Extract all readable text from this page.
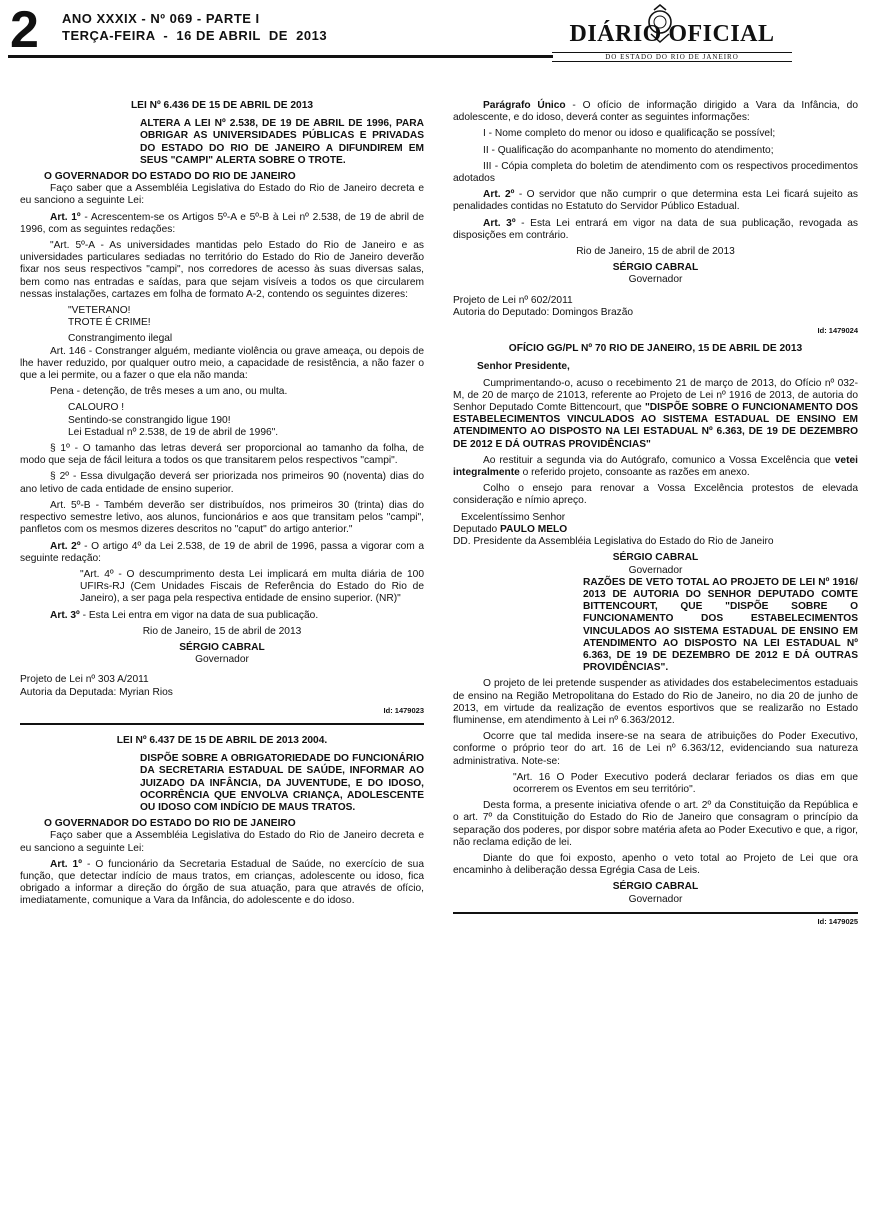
2 ANO XXXIX - Nº 069 - PARTE I
TERÇA-FEIRA  -  16 DE ABRIL  DE  2013	DIÁRIO OFICIAL
DO ESTADO DO RIO DE JANEIRO

LEI Nº 6.436 DE 15 DE ABRIL DE 2013

ALTERA A LEI Nº 2.538, DE 19 DE ABRIL DE 1996, PARA OBRIGAR AS UNIVERSIDADES PÚBLICAS E PRIVADAS DO ESTADO DO RIO DE JANEIRO A DIFUNDIREM EM SEUS "CAMPI" ALERTA SOBRE O TROTE.

O GOVERNADOR DO ESTADO DO RIO DE JANEIRO

Faço saber que a Assembléia Legislativa do Estado do Rio de Janeiro decreta e eu sanciono a seguinte Lei:

Art. 1º - Acrescentem-se os Artigos 5º-A e 5º-B à Lei nº 2.538, de 19 de abril de 1996, com as seguintes redações:

"Art. 5º-A - As universidades mantidas pelo Estado do Rio de Janeiro e as universidades particulares sediadas no território do Estado do Rio de Janeiro deverão fixar nos seus respectivos "campi", nos corredores de acesso às suas diversas salas, bem como nas entradas e saídas, para que sejam visíveis a todos os que circularem nessas instalações, cartazes em folha de formato A-2, contendo os seguintes dizeres:

"VETERANO!

TROTE É CRIME!

Constrangimento ilegal

Art. 146 - Constranger alguém, mediante violência ou grave ameaça, ou depois de lhe haver reduzido, por qualquer outro meio, a capacidade de resistência, a não fazer o que a lei permite, ou a fazer o que ela não manda:

Pena - detenção, de três meses a um ano, ou multa.

CALOURO !

Sentindo-se constrangido ligue 190!

Lei Estadual nº 2.538, de 19 de abril de 1996".

§ 1º - O tamanho das letras deverá ser proporcional ao tamanho da folha, de modo que seja de fácil leitura a todos os que transitarem pelos respectivos "campi".

§ 2º - Essa divulgação deverá ser priorizada nos primeiros 90 (noventa) dias do ano letivo de cada entidade de ensino superior.

Art. 5º-B - Também deverão ser distribuídos, nos primeiros 30 (trinta) dias do respectivo semestre letivo, aos alunos, funcionários e aos que transitam pelos "campi", panfletos com os mesmos dizeres descritos no "caput" do artigo anterior."

Art. 2º - O artigo 4º da Lei 2.538, de 19 de abril de 1996, passa a vigorar com a seguinte redação:

"Art. 4º - O descumprimento desta Lei implicará em multa diária de 100 UFIRs-RJ (Cem Unidades Fiscais de Referência do Estado do Rio de Janeiro), a ser paga pela respectiva entidade de ensino superior. (NR)"

Art. 3º - Esta Lei entra em vigor na data de sua publicação.

Rio de Janeiro, 15 de abril de 2013

SÉRGIO CABRAL
Governador

Projeto de Lei nº 303 A/2011

Autoria da Deputada: Myrian Rios

Id: 1479023

LEI Nº 6.437 DE 15 DE ABRIL DE 2013 2004.

DISPÕE SOBRE A OBRIGATORIEDADE DO FUNCIONÁRIO DA SECRETARIA ESTADUAL DE SAÚDE, INFORMAR AO JUIZADO DA INFÂNCIA, DA JUVENTUDE, E DO IDOSO, OCORRÊNCIA QUE ENVOLVA CRIANÇA, ADOLESCENTE OU IDOSO COM INDÍCIO DE MAUS TRATOS.

O GOVERNADOR DO ESTADO DO RIO DE JANEIRO

Faço saber que a Assembléia Legislativa do Estado do Rio de Janeiro decreta e eu sanciono a seguinte Lei:

Art. 1º - O funcionário da Secretaria Estadual de Saúde, no exercício de sua função, que detectar indício de maus tratos, em crianças, adolescente ou idoso, fica obrigado a informar a direção do órgão de sua atuação, para que através de ofício, imediatamente, comunique a Vara da Infância, do adolescente e do idoso.

Parágrafo Único - O ofício de informação dirigido a Vara da Infância, do adolescente, e do idoso, deverá conter as seguintes informações:

I - Nome completo do menor ou idoso e qualificação se possível;

II - Qualificação do acompanhante no momento do atendimento;

III - Cópia completa do boletim de atendimento com os respectivos procedimentos adotados

Art. 2º - O servidor que não cumprir o que determina esta Lei ficará sujeito as penalidades contidas no Estatuto do Servidor Público Estadual.

Art. 3º - Esta Lei entrará em vigor na data de sua publicação, revogada as disposições em contrário.

Rio de Janeiro, 15 de abril de 2013

SÉRGIO CABRAL
Governador

Projeto de Lei nº 602/2011

Autoria do Deputado: Domingos Brazão

Id: 1479024

OFÍCIO GG/PL Nº 70 RIO DE JANEIRO, 15 DE ABRIL DE 2013

Senhor Presidente,

Cumprimentando-o, acuso o recebimento 21 de março de 2013, do Ofício nº 032-M, de 20 de março de 21013, referente ao Projeto de Lei nº 1916 de 2013, de autoria do Senhor Deputado Comte Bittencourt, que "DISPÕE SOBRE O FUNCIONAMENTO DOS ESTABELECIMENTOS VINCULADOS AO SISTEMA ESTADUAL DE ENSINO EM ATENDIMENTO AO DISPOSTO NA LEI ESTADUAL Nº 6.363, DE 19 DE DEZEMBRO DE 2012 E DÁ OUTRAS PROVIDÊNCIAS"

Ao restituir a segunda via do Autógrafo, comunico a Vossa Excelência que vetei integralmente o referido projeto, consoante as razões em anexo.

Colho o ensejo para renovar a Vossa Excelência protestos de elevada consideração e nímio apreço.

Excelentíssimo Senhor

Deputado PAULO MELO

DD. Presidente da Assembléia Legislativa do Estado do Rio de Janeiro

SÉRGIO CABRAL
Governador

RAZÕES DE VETO TOTAL AO PROJETO DE LEI Nº 1916/ 2013 DE AUTORIA DO SENHOR DEPUTADO COMTE BITTENCOURT, QUE "DISPÕE SOBRE O FUNCIONAMENTO DOS ESTABELECIMENTOS VINCULADOS AO SISTEMA ESTADUAL DE ENSINO EM ATENDIMENTO AO DISPOSTO NA LEI ESTADUAL Nº 6.363, DE 19 DE DEZEMBRO DE 2012 E DÁ OUTRAS PROVIDÊNCIAS".

O projeto de lei pretende suspender as atividades dos estabelecimentos estaduais de ensino na Região Metropolitana do Estado do Rio de Janeiro, no dia 20 de junho de 2013, em virtude da realização de eventos esportivos que se realizarão no Estado fluminense, em atendimento à Lei nº 6.363/2012.

Ocorre que tal medida insere-se na seara de atribuições do Poder Executivo, conforme o próprio teor do art. 16 de Lei nº 6.363/12, evidenciando sua natureza administrativa. Note-se:

"Art. 16 O Poder Executivo poderá declarar feriados os dias em que ocorrerem os Eventos em seu território".

Desta forma, a presente iniciativa ofende o art. 2º da Constituição da República e o art. 7º da Constituição do Estado do Rio de Janeiro que consagram o princípio da separação dos poderes, por dispor sobre matéria afeta ao Poder Executivo e que, a rigor, não reclama edição de lei.

Diante do que foi exposto, apenho o veto total ao Projeto de Lei que ora encaminho à deliberação dessa Egrégia Casa de Leis.

SÉRGIO CABRAL
Governador

Id: 1479025
